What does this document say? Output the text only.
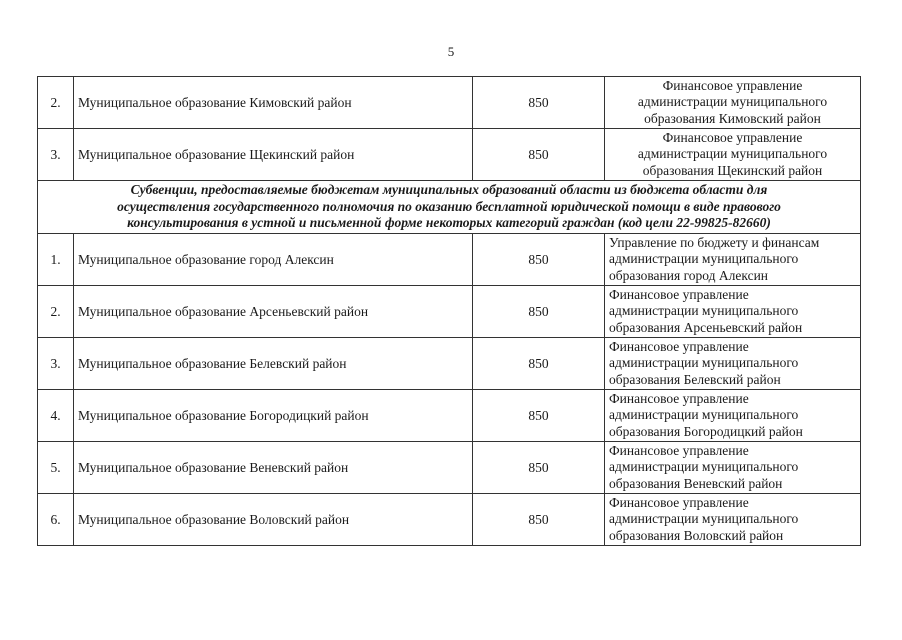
5
2.	Муниципальное образование Кимовский район	850	Финансовое управление
администрации муниципального
образования Кимовский район

3.	Муниципальное образование Щекинский район	850	Финансовое управление
администрации муниципального
образования Щекинский район

Субвенции, предоставляемые бюджетам муниципальных образований области из бюджета области для
осуществления государственного полномочия по оказанию бесплатной юридической помощи в виде правового
консультирования в устной и письменной форме некоторых категорий граждан (код цели 22-99825-82660)			

1.	Муниципальное образование город Алексин	850	Управление по бюджету и финансам
администрации муниципального
образования город Алексин

2.	Муниципальное образование Арсеньевский район	850	Финансовое управление
администрации муниципального
образования Арсеньевский район

3.	Муниципальное образование Белевский район	850	Финансовое управление
администрации муниципального
образования Белевский район

4.	Муниципальное образование Богородицкий район	850	Финансовое управление
администрации муниципального
образования Богородицкий район

5.	Муниципальное образование Веневский район	850	Финансовое управление
администрации муниципального
образования Веневский район

6.	Муниципальное образование Воловский район	850	Финансовое управление
администрации муниципального
образования Воловский район
